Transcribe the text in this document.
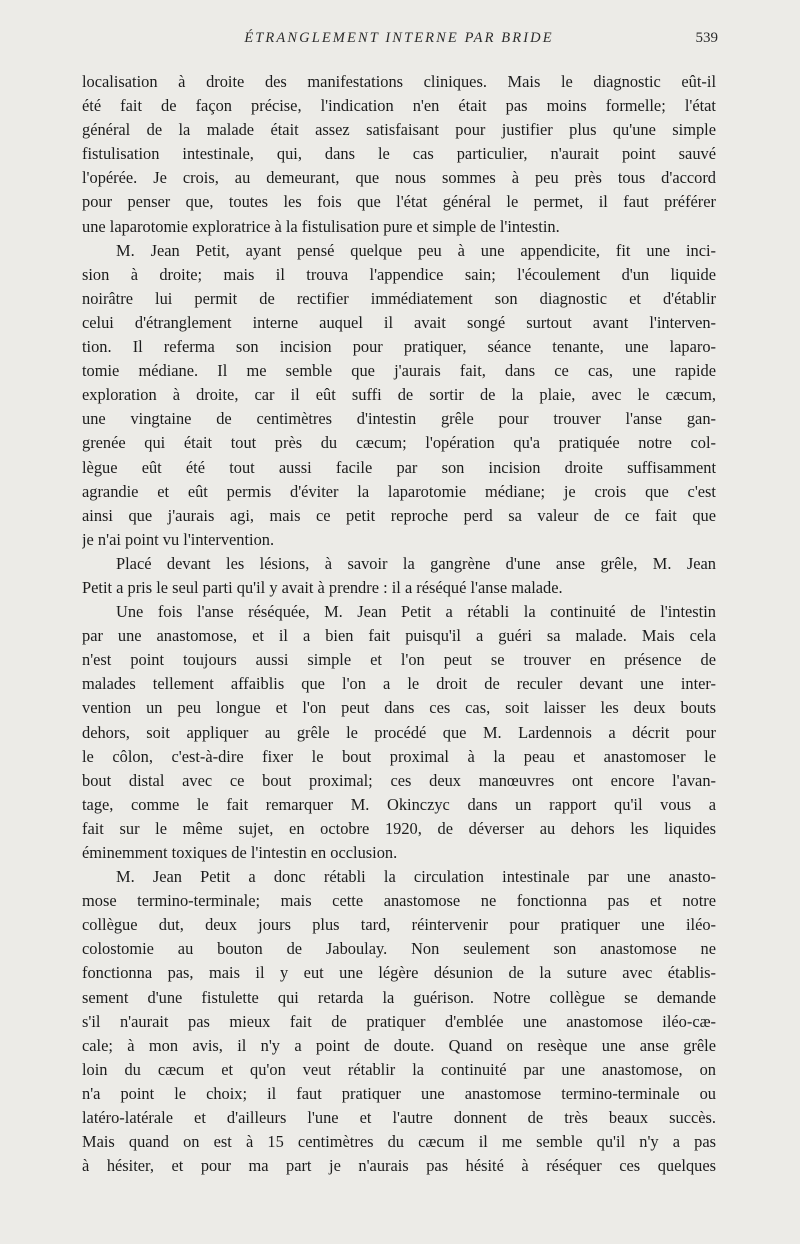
ÉTRANGLEMENT INTERNE PAR BRIDE	539
localisation à droite des manifestations cliniques. Mais le diagnostic eût-il
été fait de façon précise, l'indication n'en était pas moins formelle; l'état
général de la malade était assez satisfaisant pour justifier plus qu'une simple
fistulisation intestinale, qui, dans le cas particulier, n'aurait point sauvé
l'opérée. Je crois, au demeurant, que nous sommes à peu près tous d'accord
pour penser que, toutes les fois que l'état général le permet, il faut préférer
une laparotomie exploratrice à la fistulisation pure et simple de l'intestin.
M. Jean Petit, ayant pensé quelque peu à une appendicite, fit une inci-
sion à droite; mais il trouva l'appendice sain; l'écoulement d'un liquide
noirâtre lui permit de rectifier immédiatement son diagnostic et d'établir
celui d'étranglement interne auquel il avait songé surtout avant l'interven-
tion. Il referma son incision pour pratiquer, séance tenante, une laparo-
tomie médiane. Il me semble que j'aurais fait, dans ce cas, une rapide
exploration à droite, car il eût suffi de sortir de la plaie, avec le cæcum,
une vingtaine de centimètres d'intestin grêle pour trouver l'anse gan-
grenée qui était tout près du cæcum; l'opération qu'a pratiquée notre col-
lègue eût été tout aussi facile par son incision droite suffisamment
agrandie et eût permis d'éviter la laparotomie médiane; je crois que c'est
ainsi que j'aurais agi, mais ce petit reproche perd sa valeur de ce fait que
je n'ai point vu l'intervention.
Placé devant les lésions, à savoir la gangrène d'une anse grêle, M. Jean
Petit a pris le seul parti qu'il y avait à prendre : il a réséqué l'anse malade.
Une fois l'anse réséquée, M. Jean Petit a rétabli la continuité de l'intestin
par une anastomose, et il a bien fait puisqu'il a guéri sa malade. Mais cela
n'est point toujours aussi simple et l'on peut se trouver en présence de
malades tellement affaiblis que l'on a le droit de reculer devant une inter-
vention un peu longue et l'on peut dans ces cas, soit laisser les deux bouts
dehors, soit appliquer au grêle le procédé que M. Lardennois a décrit pour
le côlon, c'est-à-dire fixer le bout proximal à la peau et anastomoser le
bout distal avec ce bout proximal; ces deux manœuvres ont encore l'avan-
tage, comme le fait remarquer M. Okinczyc dans un rapport qu'il vous a
fait sur le même sujet, en octobre 1920, de déverser au dehors les liquides
éminemment toxiques de l'intestin en occlusion.
M. Jean Petit a donc rétabli la circulation intestinale par une anasto-
mose termino-terminale; mais cette anastomose ne fonctionna pas et notre
collègue dut, deux jours plus tard, réintervenir pour pratiquer une iléo-
colostomie au bouton de Jaboulay. Non seulement son anastomose ne
fonctionna pas, mais il y eut une légère désunion de la suture avec établis-
sement d'une fistulette qui retarda la guérison. Notre collègue se demande
s'il n'aurait pas mieux fait de pratiquer d'emblée une anastomose iléo-cæ-
cale; à mon avis, il n'y a point de doute. Quand on resèque une anse grêle
loin du cæcum et qu'on veut rétablir la continuité par une anastomose, on
n'a point le choix; il faut pratiquer une anastomose termino-terminale ou
latéro-latérale et d'ailleurs l'une et l'autre donnent de très beaux succès.
Mais quand on est à 15 centimètres du cæcum il me semble qu'il n'y a pas
à hésiter, et pour ma part je n'aurais pas hésité à réséquer ces quelques
